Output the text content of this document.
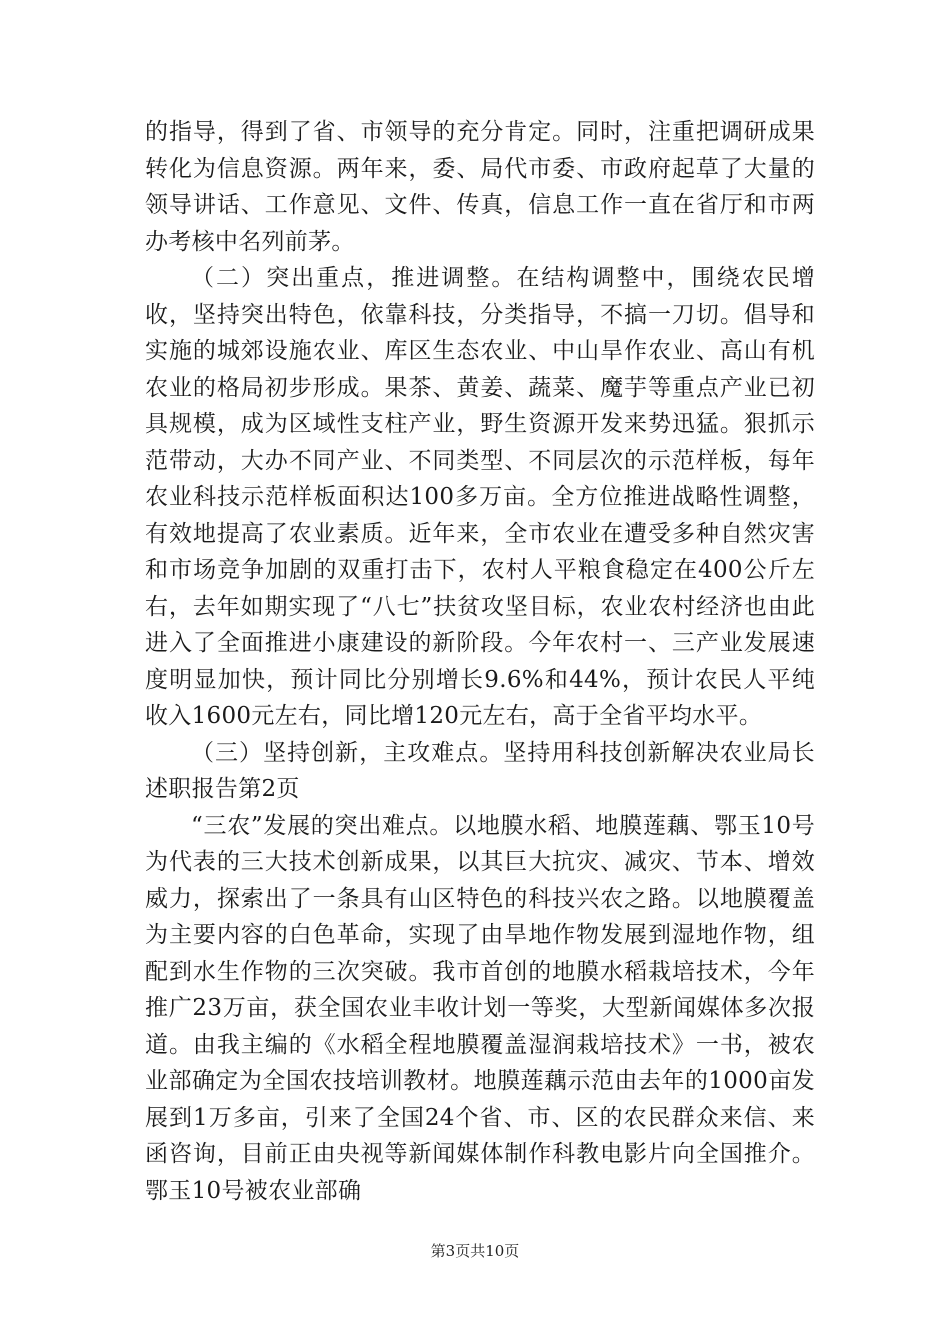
的指导，得到了省、市领导的充分肯定。同时，注重把调研成果转化为信息资源。两年来，委、局代市委、市政府起草了大量的领导讲话、工作意见、文件、传真，信息工作一直在省厅和市两办考核中名列前茅。

（二）突出重点，推进调整。在结构调整中，围绕农民增收，坚持突出特色，依靠科技，分类指导，不搞一刀切。倡导和实施的城郊设施农业、库区生态农业、中山旱作农业、高山有机农业的格局初步形成。果茶、黄姜、蔬菜、魔芋等重点产业已初具规模，成为区域性支柱产业，野生资源开发来势迅猛。狠抓示范带动，大办不同产业、不同类型、不同层次的示范样板，每年农业科技示范样板面积达100多万亩。全方位推进战略性调整，有效地提高了农业素质。近年来，全市农业在遭受多种自然灾害和市场竞争加剧的双重打击下，农村人平粮食稳定在400公斤左右，去年如期实现了“八七”扶贫攻坚目标，农业农村经济也由此进入了全面推进小康建设的新阶段。今年农村一、三产业发展速度明显加快，预计同比分别增长9.6%和44%，预计农民人平纯收入1600元左右，同比增120元左右，高于全省平均水平。

（三）坚持创新，主攻难点。坚持用科技创新解决农业局长述职报告第2页

“三农”发展的突出难点。以地膜水稻、地膜莲藕、鄂玉10号为代表的三大技术创新成果，以其巨大抗灾、减灾、节本、增效威力，探索出了一条具有山区特色的科技兴农之路。以地膜覆盖为主要内容的白色革命，实现了由旱地作物发展到湿地作物，组配到水生作物的三次突破。我市首创的地膜水稻栽培技术，今年推广23万亩，获全国农业丰收计划一等奖，大型新闻媒体多次报道。由我主编的《水稻全程地膜覆盖湿润栽培技术》一书，被农业部确定为全国农技培训教材。地膜莲藕示范由去年的1000亩发展到1万多亩，引来了全国24个省、市、区的农民群众来信、来函咨询，目前正由央视等新闻媒体制作科教电影片向全国推介。鄂玉10号被农业部确

第3页共10页
